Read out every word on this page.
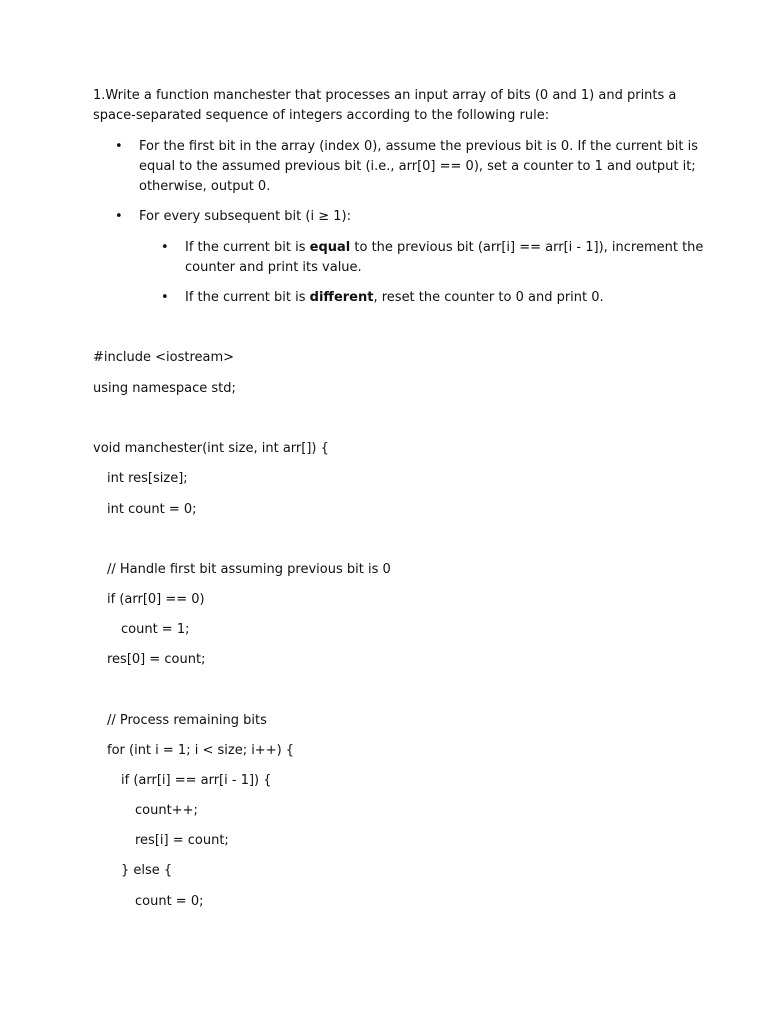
1.Write a function manchester that processes an input array of bits (0 and 1) and prints a
space-separated sequence of integers according to the following rule:
• For the first bit in the array (index 0), assume the previous bit is 0. If the current bit is
equal to the assumed previous bit (i.e., arr[0] == 0), set a counter to 1 and output it;
otherwise, output 0.
• For every subsequent bit (i ≥ 1):
• If the current bit is equal to the previous bit (arr[i] == arr[i - 1]), increment the
counter and print its value.
• If the current bit is different, reset the counter to 0 and print 0.
#include <iostream>
using namespace std;
void manchester(int size, int arr[]) {
int res[size];
int count = 0;
// Handle first bit assuming previous bit is 0
if (arr[0] == 0)
count = 1;
res[0] = count;
// Process remaining bits
for (int i = 1; i < size; i++) {
if (arr[i] == arr[i - 1]) {
count++;
res[i] = count;
} else {
count = 0;
